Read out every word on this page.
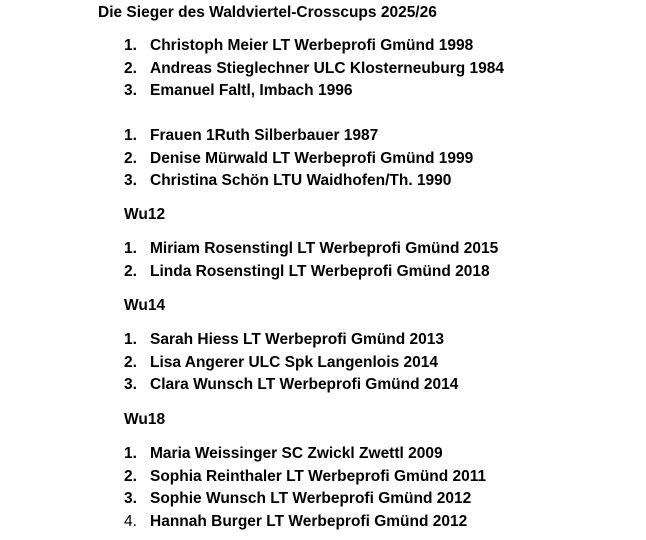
Die Sieger des Waldviertel-Crosscups 2025/26
1. Christoph Meier LT Werbeprofi Gmünd 1998
2. Andreas Stieglechner ULC Klosterneuburg 1984
3. Emanuel Faltl, Imbach 1996
1. Frauen 1Ruth Silberbauer 1987
2. Denise Mürwald LT Werbeprofi Gmünd 1999
3. Christina Schön LTU Waidhofen/Th. 1990
Wu12
1. Miriam Rosenstingl LT Werbeprofi Gmünd 2015
2. Linda Rosenstingl LT Werbeprofi Gmünd 2018
Wu14
1. Sarah Hiess LT Werbeprofi Gmünd 2013
2. Lisa Angerer ULC Spk Langenlois 2014
3. Clara Wunsch LT Werbeprofi Gmünd 2014
Wu18
1. Maria Weissinger SC Zwickl Zwettl 2009
2. Sophia Reinthaler LT Werbeprofi Gmünd 2011
3. Sophie Wunsch LT Werbeprofi Gmünd 2012
4. Hannah Burger LT Werbeprofi Gmünd 2012
